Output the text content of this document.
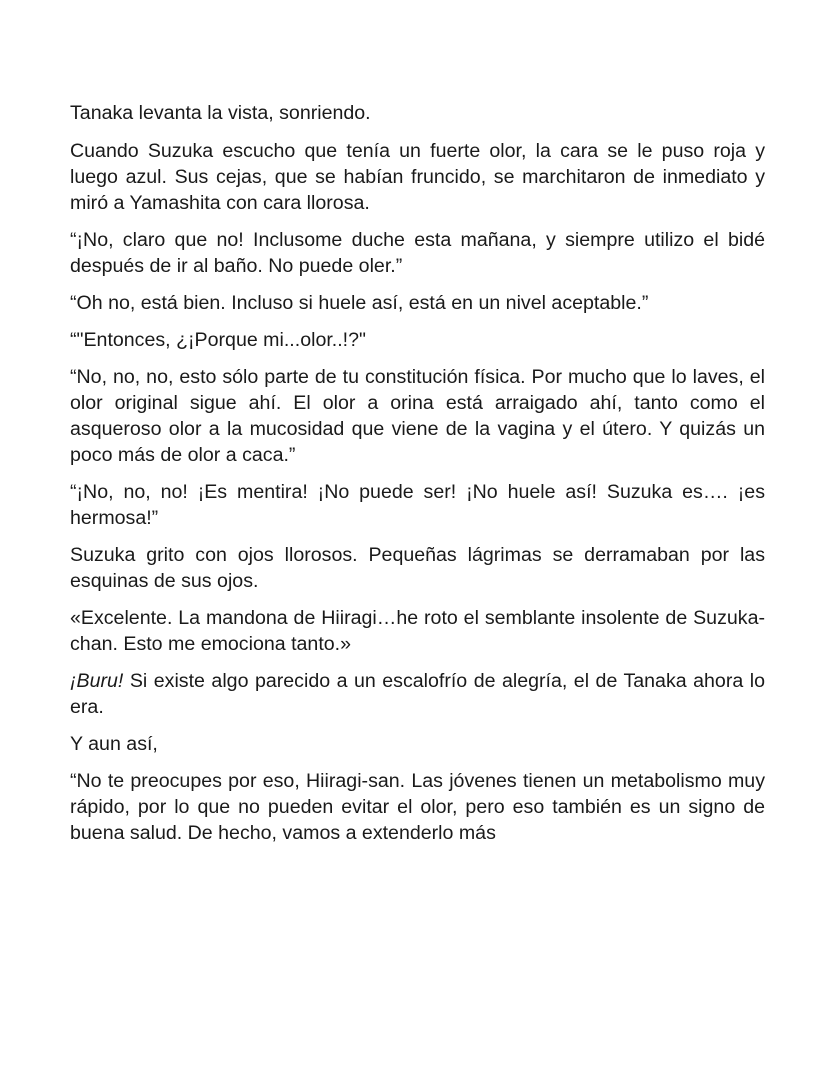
Tanaka levanta la vista, sonriendo.

Cuando Suzuka escucho que tenía un fuerte olor, la cara se le puso roja y luego azul. Sus cejas, que se habían fruncido, se marchitaron de inmediato y miró a Yamashita con cara llorosa.

“¡No, claro que no! Inclusome duche esta mañana, y siempre utilizo el bidé después de ir al baño. No puede oler.”

“Oh no, está bien. Incluso si huele así, está en un nivel aceptable.”

“"Entonces, ¿¡Porque mi...olor..!?"

“No, no, no, esto sólo parte de tu constitución física. Por mucho que lo laves, el olor original sigue ahí. El olor a orina está arraigado ahí, tanto como el asqueroso olor a la mucosidad que viene de la vagina y el útero. Y quizás un poco más de olor a caca.”

“¡No, no, no! ¡Es mentira! ¡No puede ser! ¡No huele así! Suzuka es…. ¡es hermosa!”

Suzuka grito con ojos llorosos. Pequeñas lágrimas se derramaban por las esquinas de sus ojos.

«Excelente. La mandona de Hiiragi…he roto el semblante insolente de Suzuka-chan. Esto me emociona tanto.»

¡Buru! Si existe algo parecido a un escalofrío de alegría, el de Tanaka ahora lo era.

Y aun así,

“No te preocupes por eso, Hiiragi-san. Las jóvenes tienen un metabolismo muy rápido, por lo que no pueden evitar el olor, pero eso también es un signo de buena salud. De hecho, vamos a extenderlo más
